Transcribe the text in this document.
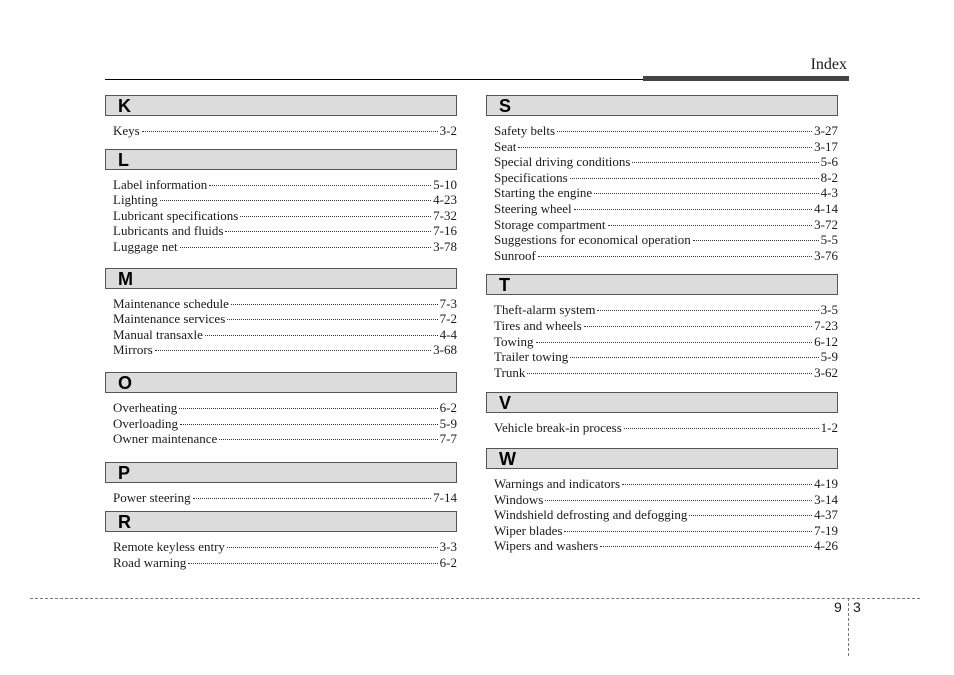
Index
K
Keys	3-2
L
Label information	5-10
Lighting	4-23
Lubricant specifications	7-32
Lubricants and fluids	7-16
Luggage net	3-78
M
Maintenance schedule	7-3
Maintenance services	7-2
Manual transaxle	4-4
Mirrors	3-68
O
Overheating	6-2
Overloading	5-9
Owner maintenance	7-7
P
Power steering	7-14
R
Remote keyless entry	3-3
Road warning	6-2
S
Safety belts	3-27
Seat	3-17
Special driving conditions	5-6
Specifications	8-2
Starting the engine	4-3
Steering wheel	4-14
Storage compartment	3-72
Suggestions for economical operation	5-5
Sunroof	3-76
T
Theft-alarm system	3-5
Tires and wheels	7-23
Towing	6-12
Trailer towing	5-9
Trunk	3-62
V
Vehicle break-in process	1-2
W
Warnings and indicators	4-19
Windows	3-14
Windshield defrosting and defogging	4-37
Wiper blades	7-19
Wipers and washers	4-26
9 3
